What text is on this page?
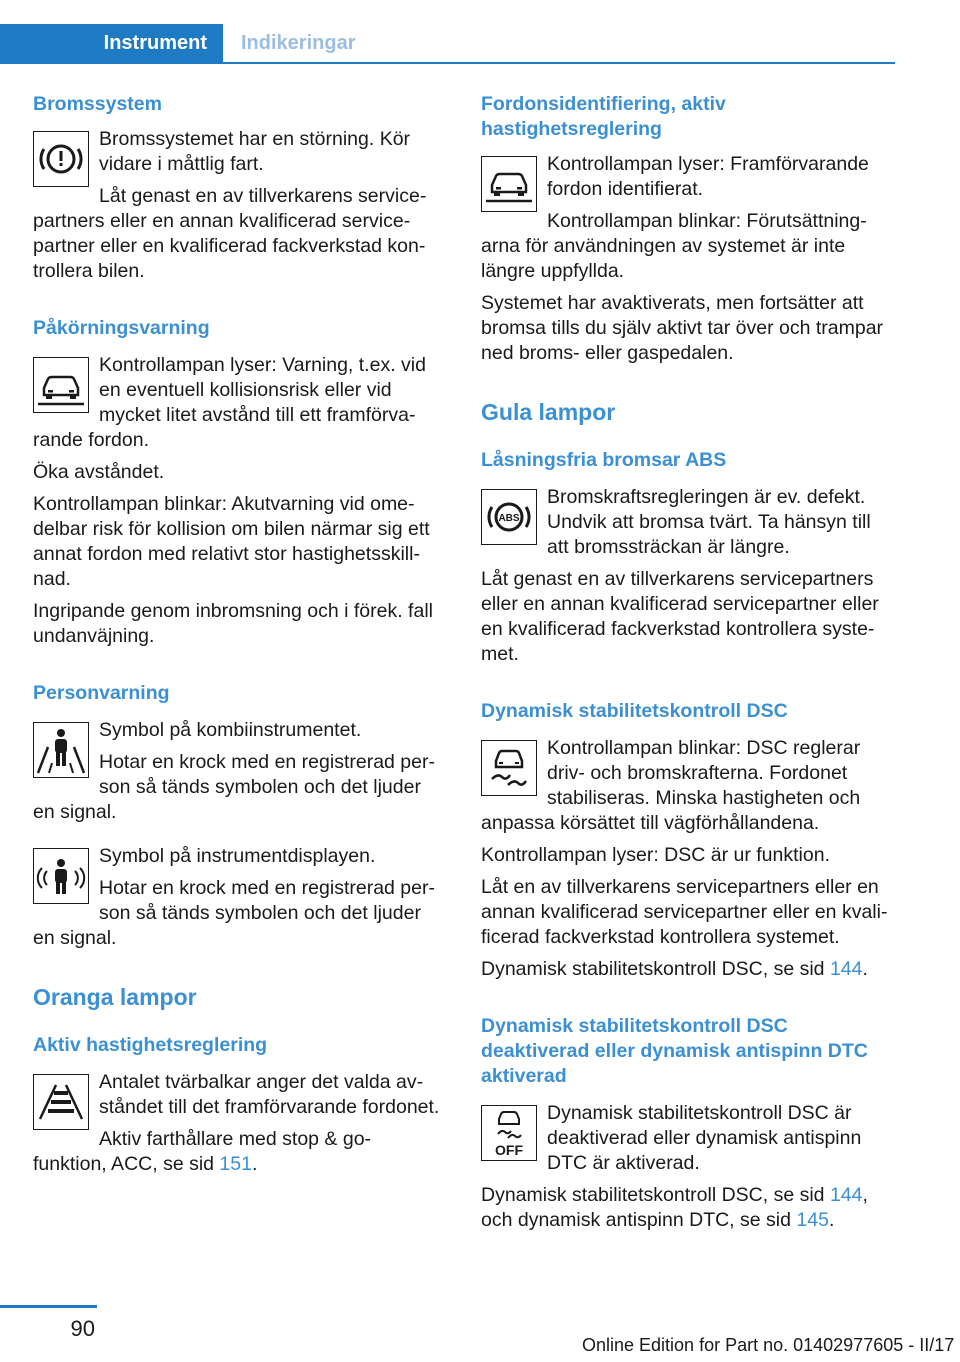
Instrument	Indikeringar
Bromssystem

Bromssystemet har en störning. Kör vidare i måttlig fart.

Låt genast en av tillverkarens servicepartners eller en annan kvalificerad servicepartner eller en kvalificerad fackverkstad kontrollera bilen.

Påkörningsvarning

Kontrollampan lyser: Varning, t.ex. vid en eventuell kollisionsrisk eller vid mycket litet avstånd till ett framförvarande fordon.

Öka avståndet.

Kontrollampan blinkar: Akutvarning vid omedelbar risk för kollision om bilen närmar sig ett annat fordon med relativt stor hastighetsskillnad.

Ingripande genom inbromsning och i förek. fall undanväjning.

Personvarning

Symbol på kombiinstrumentet.

Hotar en krock med en registrerad person så tänds symbolen och det ljuder en signal.

Symbol på instrumentdisplayen.

Hotar en krock med en registrerad person så tänds symbolen och det ljuder en signal.

Oranga lampor
Aktiv hastighetsreglering

Antalet tvärbalkar anger det valda avståndet till det framförvarande fordonet.

Aktiv farthållare med stop & go-funktion, ACC, se sid 151.

Fordonsidentifiering, aktiv hastighetsreglering

Kontrollampan lyser: Framförvarande fordon identifierat.

Kontrollampan blinkar: Förutsättningarna för användningen av systemet är inte längre uppfyllda.

Systemet har avaktiverats, men fortsätter att bromsa tills du själv aktivt tar över och trampar ned broms- eller gaspedalen.

Gula lampor
Låsningsfria bromsar ABS
ABS

Bromskraftsregleringen är ev. defekt. Undvik att bromsa tvärt. Ta hänsyn till att bromssträckan är längre.

Låt genast en av tillverkarens servicepartners eller en annan kvalificerad servicepartner eller en kvalificerad fackverkstad kontrollera systemet.

Dynamisk stabilitetskontroll DSC

Kontrollampan blinkar: DSC reglerar driv- och bromskrafterna. Fordonet stabiliseras. Minska hastigheten och anpassa körsättet till vägförhållandena.

Kontrollampan lyser: DSC är ur funktion.

Låt en av tillverkarens servicepartners eller en annan kvalificerad servicepartner eller en kvalificerad fackverkstad kontrollera systemet.

Dynamisk stabilitetskontroll DSC, se sid 144.

Dynamisk stabilitetskontroll DSC deaktiverad eller dynamisk antispinn DTC aktiverad
OFF

Dynamisk stabilitetskontroll DSC är deaktiverad eller dynamisk antispinn DTC är aktiverad.

Dynamisk stabilitetskontroll DSC, se sid 144, och dynamisk antispinn DTC, se sid 145.

90
Online Edition for Part no. 01402977605 - II/17
